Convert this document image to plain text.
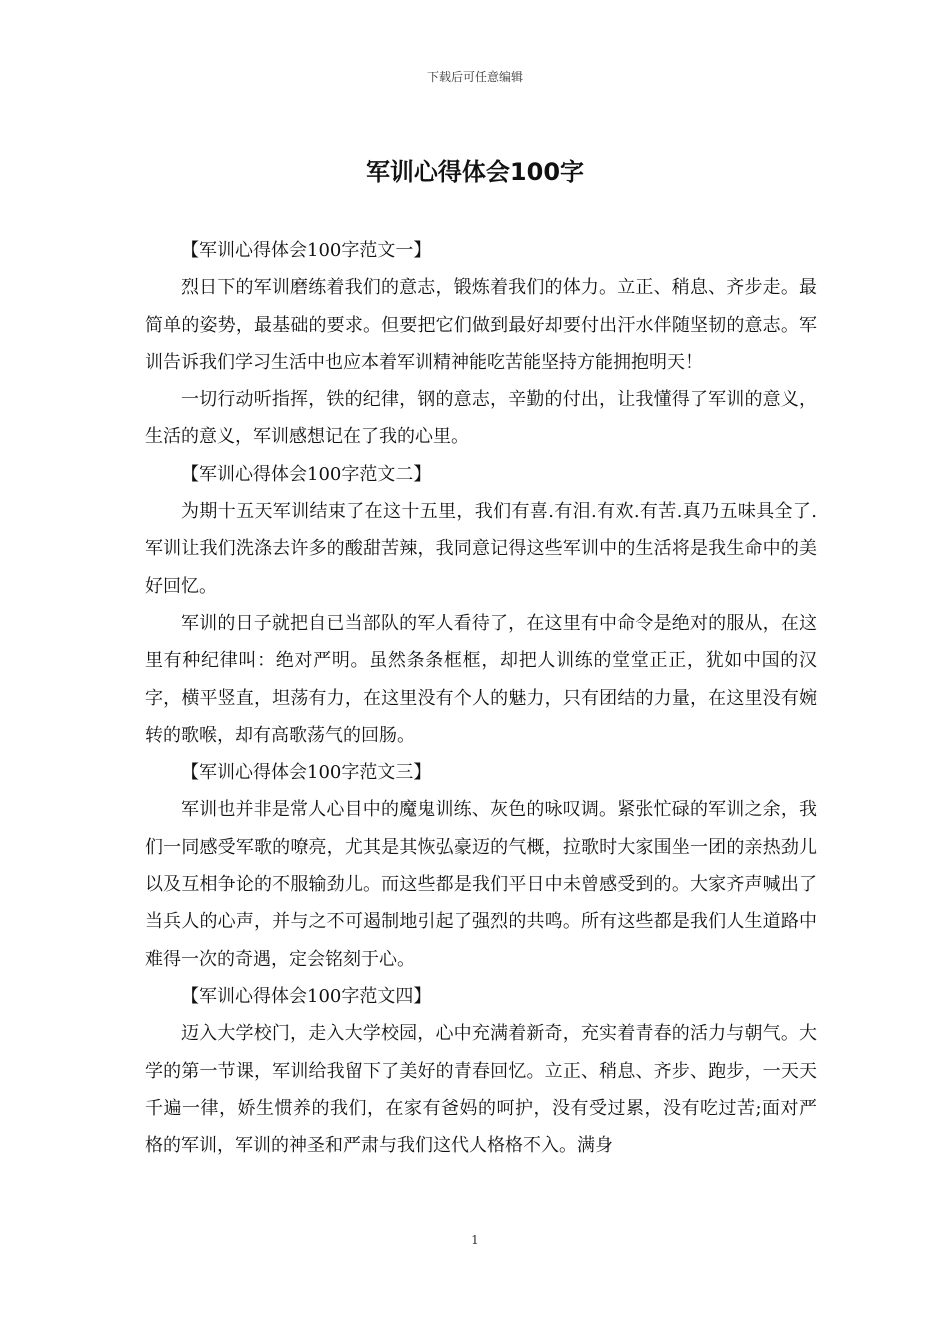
下载后可任意编辑
军训心得体会100字

【军训心得体会100字范文一】

烈日下的军训磨练着我们的意志，锻炼着我们的体力。立正、稍息、齐步走。最简单的姿势，最基础的要求。但要把它们做到最好却要付出汗水伴随坚韧的意志。军训告诉我们学习生活中也应本着军训精神能吃苦能坚持方能拥抱明天！

一切行动听指挥，铁的纪律，钢的意志，辛勤的付出，让我懂得了军训的意义，生活的意义，军训感想记在了我的心里。

【军训心得体会100字范文二】

为期十五天军训结束了在这十五里，我们有喜.有泪.有欢.有苦.真乃五味具全了.军训让我们洗涤去许多的酸甜苦辣，我同意记得这些军训中的生活将是我生命中的美好回忆。

军训的日子就把自已当部队的军人看待了，在这里有中命令是绝对的服从，在这里有种纪律叫：绝对严明。虽然条条框框，却把人训练的堂堂正正，犹如中国的汉字，横平竖直，坦荡有力，在这里没有个人的魅力，只有团结的力量，在这里没有婉转的歌喉，却有高歌荡气的回肠。

【军训心得体会100字范文三】

军训也并非是常人心目中的魔鬼训练、灰色的咏叹调。紧张忙碌的军训之余，我们一同感受军歌的嘹亮，尤其是其恢弘豪迈的气概，拉歌时大家围坐一团的亲热劲儿以及互相争论的不服输劲儿。而这些都是我们平日中未曾感受到的。大家齐声喊出了当兵人的心声，并与之不可遏制地引起了强烈的共鸣。所有这些都是我们人生道路中难得一次的奇遇，定会铭刻于心。

【军训心得体会100字范文四】

迈入大学校门，走入大学校园，心中充满着新奇，充实着青春的活力与朝气。大学的第一节课，军训给我留下了美好的青春回忆。立正、稍息、齐步、跑步，一天天千遍一律，娇生惯养的我们，在家有爸妈的呵护，没有受过累，没有吃过苦;面对严格的军训，军训的神圣和严肃与我们这代人格格不入。满身

1
